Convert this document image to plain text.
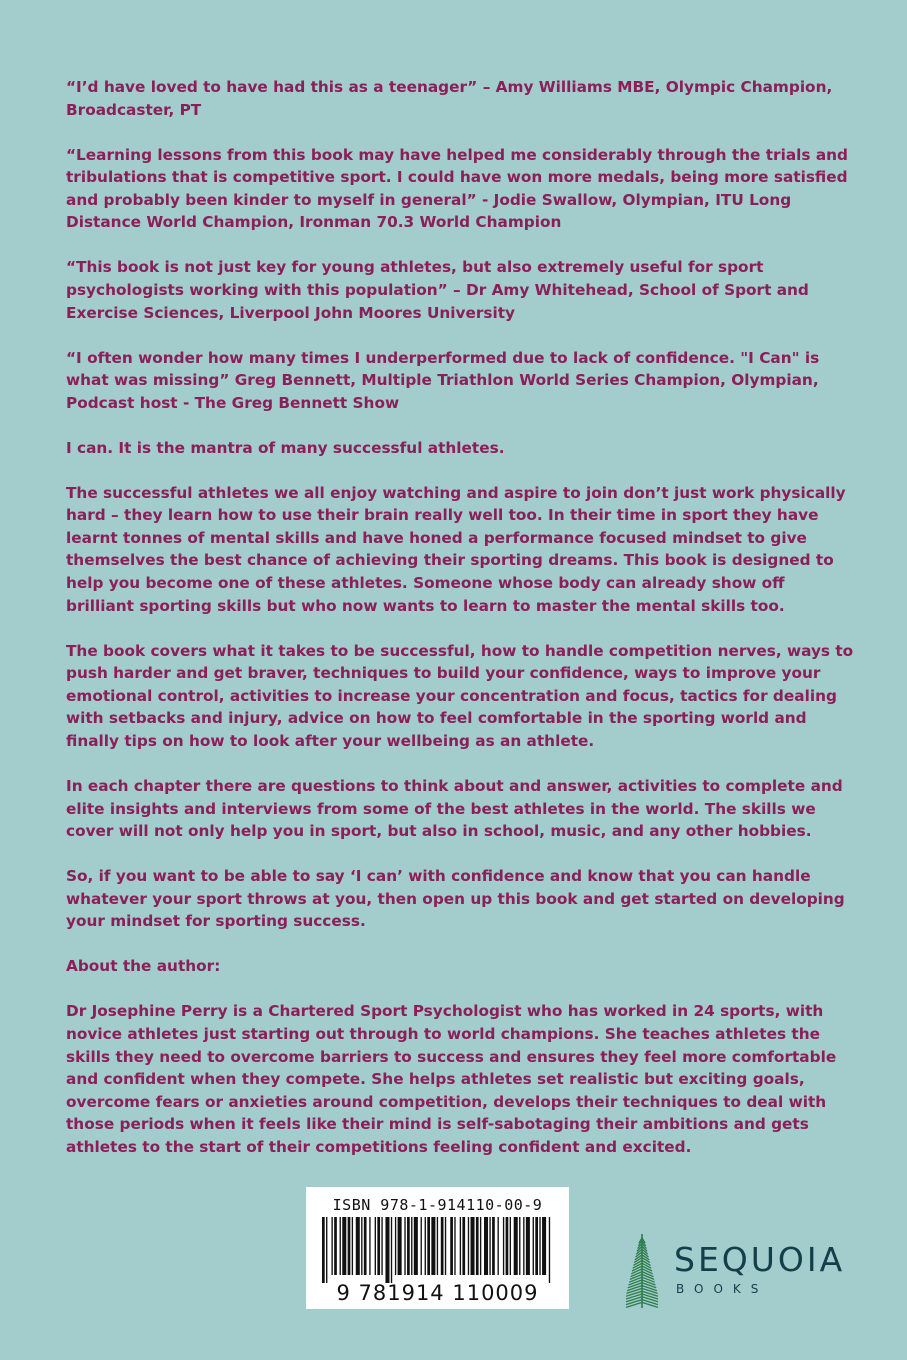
“I’d have loved to have had this as a teenager” – Amy Williams MBE, Olympic Champion, Broadcaster, PT

“Learning lessons from this book may have helped me considerably through the trials and tribulations that is competitive sport. I could have won more medals, being more satisfied and probably been kinder to myself in general” - Jodie Swallow, Olympian, ITU Long Distance World Champion, Ironman 70.3 World Champion

“This book is not just key for young athletes, but also extremely useful for sport psychologists working with this population” – Dr Amy Whitehead, School of Sport and Exercise Sciences, Liverpool John Moores University

“I often wonder how many times I underperformed due to lack of confidence. "I Can" is what was missing” Greg Bennett, Multiple Triathlon World Series Champion, Olympian, Podcast host - The Greg Bennett Show

I can. It is the mantra of many successful athletes.

The successful athletes we all enjoy watching and aspire to join don’t just work physically hard – they learn how to use their brain really well too. In their time in sport they have learnt tonnes of mental skills and have honed a performance focused mindset to give themselves the best chance of achieving their sporting dreams. This book is designed to help you become one of these athletes. Someone whose body can already show off brilliant sporting skills but who now wants to learn to master the mental skills too.

The book covers what it takes to be successful, how to handle competition nerves, ways to push harder and get braver, techniques to build your confidence, ways to improve your emotional control, activities to increase your concentration and focus, tactics for dealing with setbacks and injury, advice on how to feel comfortable in the sporting world and finally tips on how to look after your wellbeing as an athlete.

In each chapter there are questions to think about and answer, activities to complete and elite insights and interviews from some of the best athletes in the world. The skills we cover will not only help you in sport, but also in school, music, and any other hobbies.

So, if you want to be able to say ‘I can’ with confidence and know that you can handle whatever your sport throws at you, then open up this book and get started on developing your mindset for sporting success.

About the author:

Dr Josephine Perry is a Chartered Sport Psychologist who has worked in 24 sports, with novice athletes just starting out through to world champions. She teaches athletes the skills they need to overcome barriers to success and ensures they feel more comfortable and confident when they compete. She helps athletes set realistic but exciting goals, overcome fears or anxieties around competition, develops their techniques to deal with those periods when it feels like their mind is self-sabotaging their ambitions and gets athletes to the start of their competitions feeling confident and excited.

ISBN 978-1-914110-00-9
9 781914 110009
SEQUOIA
BOOKS
